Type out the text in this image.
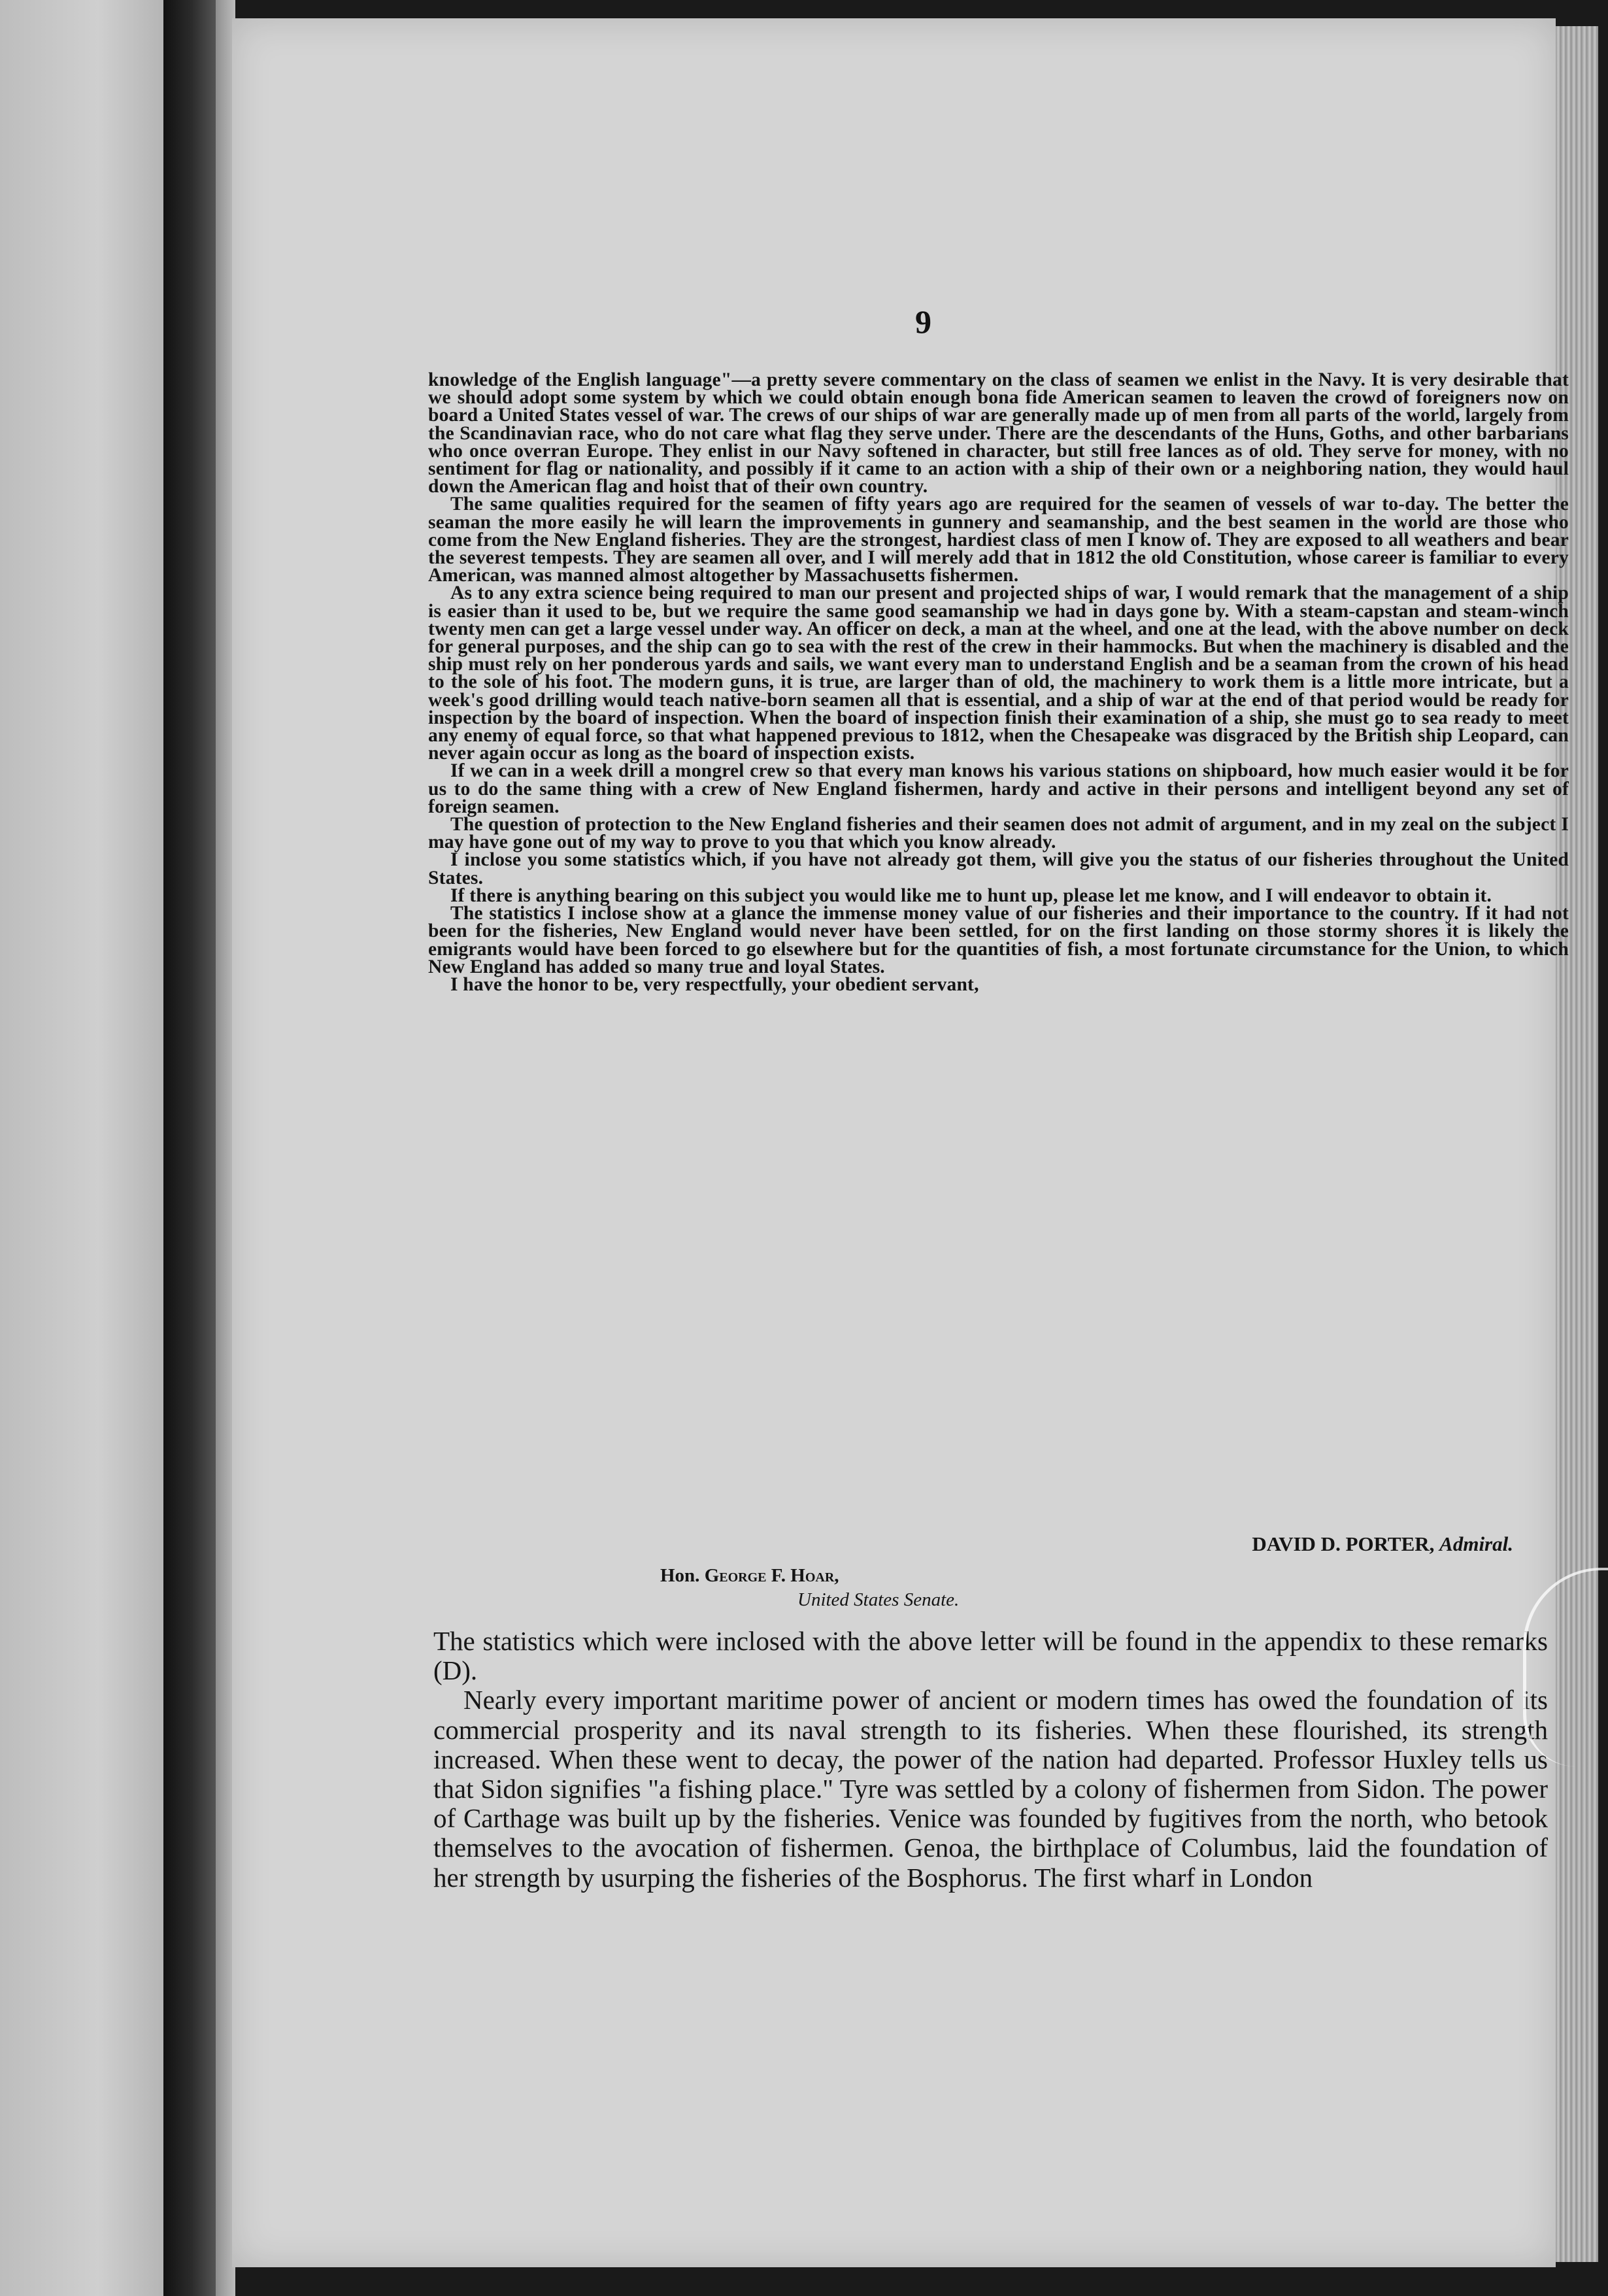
9

knowledge of the English language"—a pretty severe commentary on the class of seamen we enlist in the Navy. It is very desirable that we should adopt some system by which we could obtain enough bona fide American seamen to leaven the crowd of foreigners now on board a United States vessel of war. The crews of our ships of war are generally made up of men from all parts of the world, largely from the Scandinavian race, who do not care what flag they serve under. There are the descendants of the Huns, Goths, and other barbarians who once overran Europe. They enlist in our Navy softened in character, but still free lances as of old. They serve for money, with no sentiment for flag or nationality, and possibly if it came to an action with a ship of their own or a neighboring nation, they would haul down the American flag and hoist that of their own country.

The same qualities required for the seamen of fifty years ago are required for the seamen of vessels of war to-day. The better the seaman the more easily he will learn the improvements in gunnery and seamanship, and the best seamen in the world are those who come from the New England fisheries. They are the strongest, hardiest class of men I know of. They are exposed to all weathers and bear the severest tempests. They are seamen all over, and I will merely add that in 1812 the old Constitution, whose career is familiar to every American, was manned almost altogether by Massachusetts fishermen.

As to any extra science being required to man our present and projected ships of war, I would remark that the management of a ship is easier than it used to be, but we require the same good seamanship we had in days gone by. With a steam-capstan and steam-winch twenty men can get a large vessel under way. An officer on deck, a man at the wheel, and one at the lead, with the above number on deck for general purposes, and the ship can go to sea with the rest of the crew in their hammocks. But when the machinery is disabled and the ship must rely on her ponderous yards and sails, we want every man to understand English and be a seaman from the crown of his head to the sole of his foot. The modern guns, it is true, are larger than of old, the machinery to work them is a little more intricate, but a week's good drilling would teach native-born seamen all that is essential, and a ship of war at the end of that period would be ready for inspection by the board of inspection. When the board of inspection finish their examination of a ship, she must go to sea ready to meet any enemy of equal force, so that what happened previous to 1812, when the Chesapeake was disgraced by the British ship Leopard, can never again occur as long as the board of inspection exists.

If we can in a week drill a mongrel crew so that every man knows his various stations on shipboard, how much easier would it be for us to do the same thing with a crew of New England fishermen, hardy and active in their persons and intelligent beyond any set of foreign seamen.

The question of protection to the New England fisheries and their seamen does not admit of argument, and in my zeal on the subject I may have gone out of my way to prove to you that which you know already.

I inclose you some statistics which, if you have not already got them, will give you the status of our fisheries throughout the United States.

If there is anything bearing on this subject you would like me to hunt up, please let me know, and I will endeavor to obtain it.

The statistics I inclose show at a glance the immense money value of our fisheries and their importance to the country. If it had not been for the fisheries, New England would never have been settled, for on the first landing on those stormy shores it is likely the emigrants would have been forced to go elsewhere but for the quantities of fish, a most fortunate circumstance for the Union, to which New England has added so many true and loyal States.

I have the honor to be, very respectfully, your obedient servant,

DAVID D. PORTER, Admiral.
Hon. George F. Hoar,
United States Senate.

The statistics which were inclosed with the above letter will be found in the appendix to these remarks (D).

Nearly every important maritime power of ancient or modern times has owed the foundation of its commercial prosperity and its naval strength to its fisheries. When these flourished, its strength increased. When these went to decay, the power of the nation had departed. Professor Huxley tells us that Sidon signifies "a fishing place." Tyre was settled by a colony of fishermen from Sidon. The power of Carthage was built up by the fisheries. Venice was founded by fugitives from the north, who betook themselves to the avocation of fishermen. Genoa, the birthplace of Columbus, laid the foundation of her strength by usurping the fisheries of the Bosphorus. The first wharf in London
